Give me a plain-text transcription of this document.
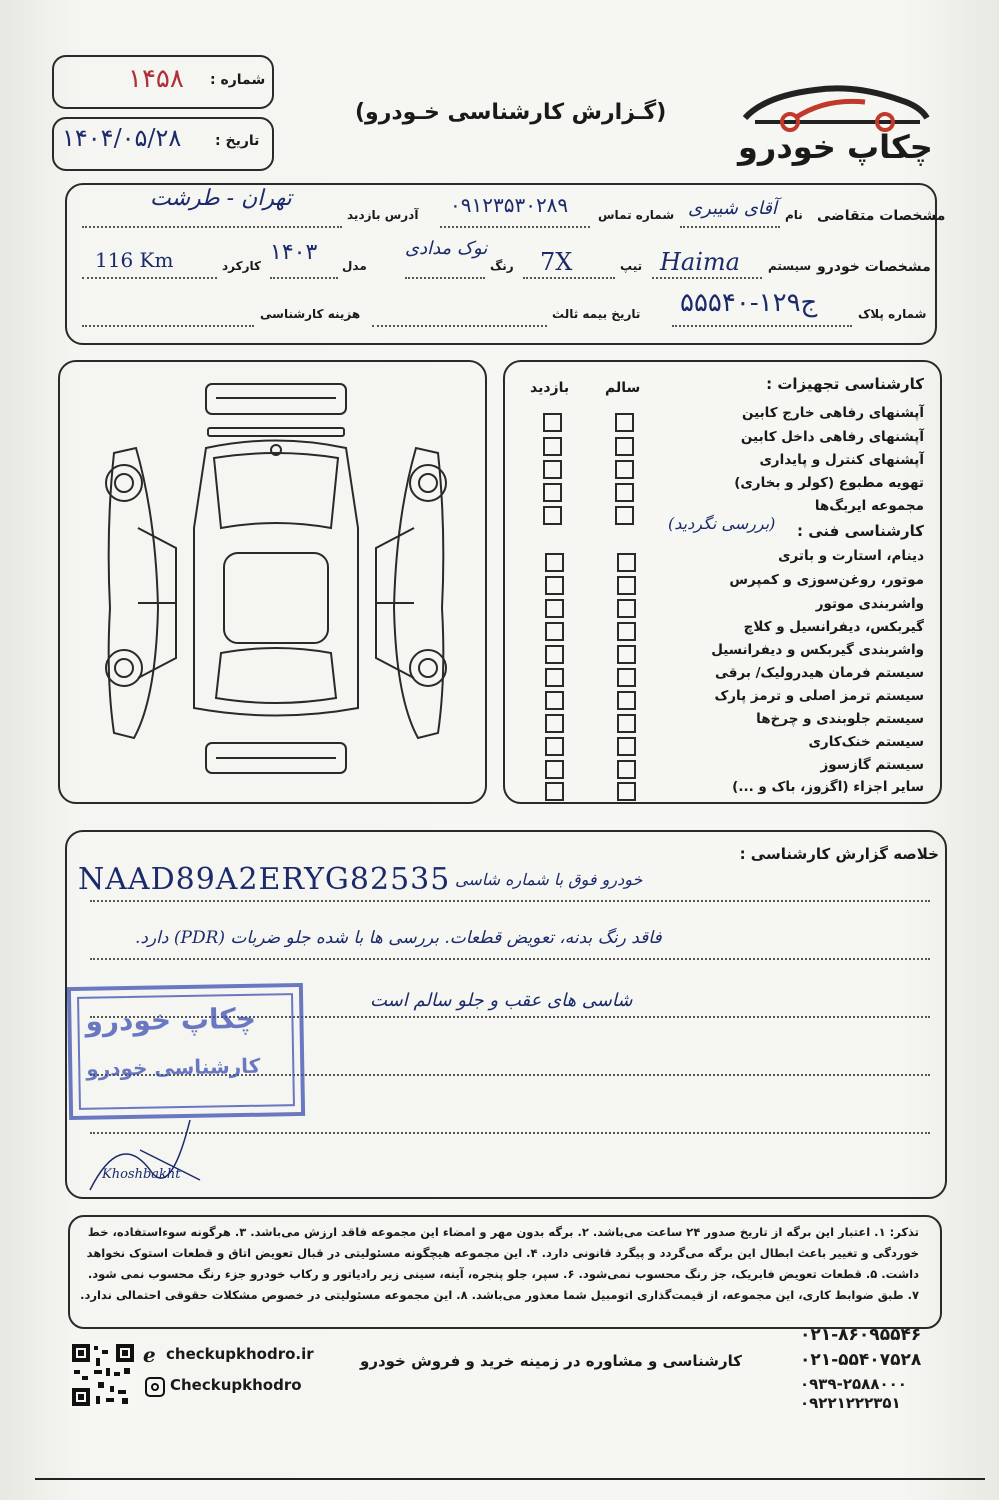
شماره :
۱۴۵۸
تاریخ :
۱۴۰۴/۰۵/۲۸
(گـزارش کارشناسی خـودرو)
چکاپ خودرو
مشخصات متقاضی
نام
آقای شیبری
شماره تماس
۰۹۱۲۳۵۳۰۲۸۹
آدرس بازدید
تهران - طرشت
مشخصات خودرو
سیستم
Haima
تیپ
7X
رنگ
نوک مدادی
مدل
۱۴۰۳
کارکرد
116 Km
شماره پلاک
۵۵۵ج۱۲۹-۴۰
تاریخ بیمه ثالث
هزینه کارشناسی
کارشناسی تجهیزات :
سالم
بازدید
آپشنهای رفاهی خارج کابین
آپشنهای رفاهی داخل کابین
آپشنهای کنترل و پایداری
تهویه مطبوع (کولر و بخاری)
مجموعه ایربگ‌ها
کارشناسی فنی :
(بررسی نگردید)
دینام، استارت و باتری
موتور، روغن‌سوزی و کمپرس
واشربندی موتور
گیربکس، دیفرانسیل و کلاچ
واشربندی گیربکس و دیفرانسیل
سیستم فرمان هیدرولیک/ برقی
سیستم ترمز اصلی و ترمز پارک
سیستم جلوبندی و چرخ‌ها
سیستم خنک‌کاری
سیستم گازسوز
سایر اجزاء (اگزوز، باک و ...)
خلاصه گزارش کارشناسی :
خودرو فوق با شماره شاسی
NAAD89A2ERYG82535
فاقد رنگ بدنه، تعویض قطعات. بررسی ها با شده جلو ضربات (PDR) دارد.
شاسی های عقب و جلو سالم است
چکاپ خودرو
کارشناسی خودرو
Khoshbakht
تذکر: ۱. اعتبار این برگه از تاریخ صدور ۲۴ ساعت می‌باشد. ۲. برگه بدون مهر و امضاء این مجموعه فاقد ارزش می‌باشد. ۳. هرگونه سوءاستفاده، خط
خوردگی و تغییر باعث ابطال این برگه می‌گردد و پیگرد قانونی دارد. ۴. این مجموعه هیچگونه مسئولیتی در قبال تعویض اتاق و قطعات استوک نخواهد
داشت. ۵. قطعات تعویض فابریک، جز رنگ محسوب نمی‌شود. ۶. سپر، جلو پنجره، آینه، سینی زیر رادیاتور و رکاب خودرو جزء رنگ محسوب نمی شود.
۷. طبق ضوابط کاری، این مجموعه، از قیمت‌گذاری اتومبیل شما معذور می‌باشد. ۸. این مجموعه مسئولیتی در خصوص مشکلات حقوقی احتمالی ندارد.
ℯ checkupkhodro.ir
Checkupkhodro
کارشناسی و مشاوره در زمینه خرید و فروش خودرو
۰۲۱-۸۶۰۹۵۵۴۶
۰۲۱-۵۵۴۰۷۵۲۸
۰۹۳۹-۲۵۸۸۰۰۰
۰۹۲۲۱۲۲۲۳۵۱
